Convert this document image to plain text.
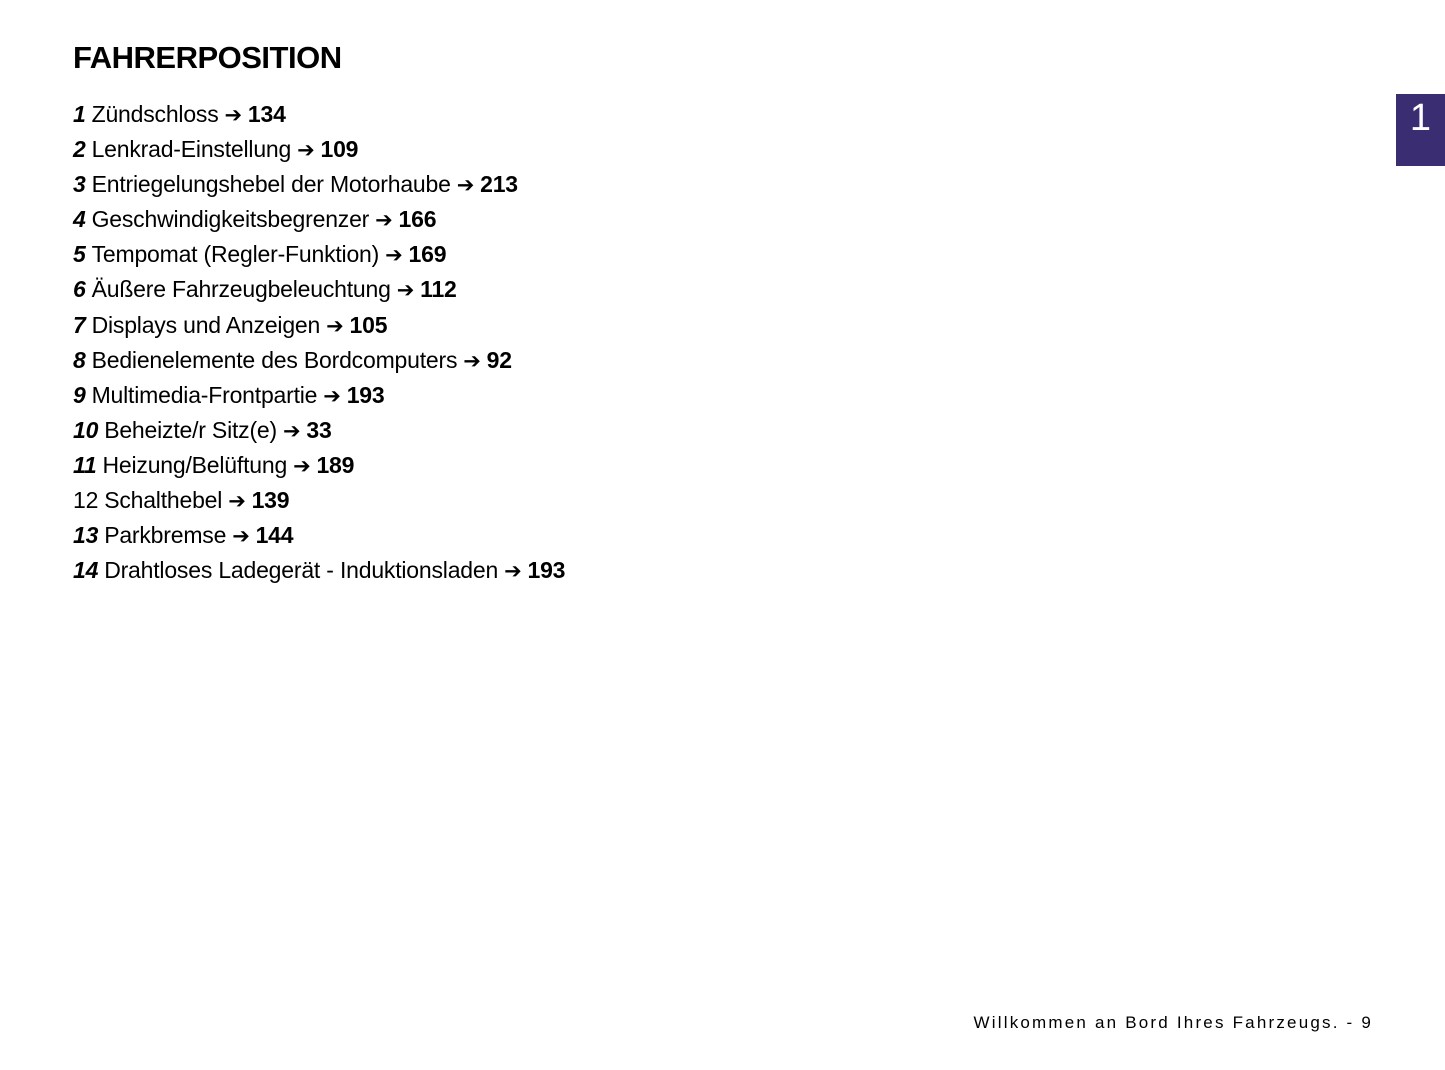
FAHRERPOSITION
1 Zündschloss ➔ 134
2 Lenkrad-Einstellung ➔ 109
3 Entriegelungshebel der Motorhaube ➔ 213
4 Geschwindigkeitsbegrenzer ➔ 166
5 Tempomat (Regler-Funktion) ➔ 169
6 Äußere Fahrzeugbeleuchtung ➔ 112
7 Displays und Anzeigen ➔ 105
8 Bedienelemente des Bordcomputers ➔ 92
9 Multimedia-Frontpartie ➔ 193
10 Beheizte/r Sitz(e) ➔ 33
11 Heizung/Belüftung ➔ 189
12 Schalthebel ➔ 139
13 Parkbremse ➔ 144
14 Drahtloses Ladegerät - Induktionsladen ➔ 193
1
Willkommen an Bord Ihres Fahrzeugs. - 9
